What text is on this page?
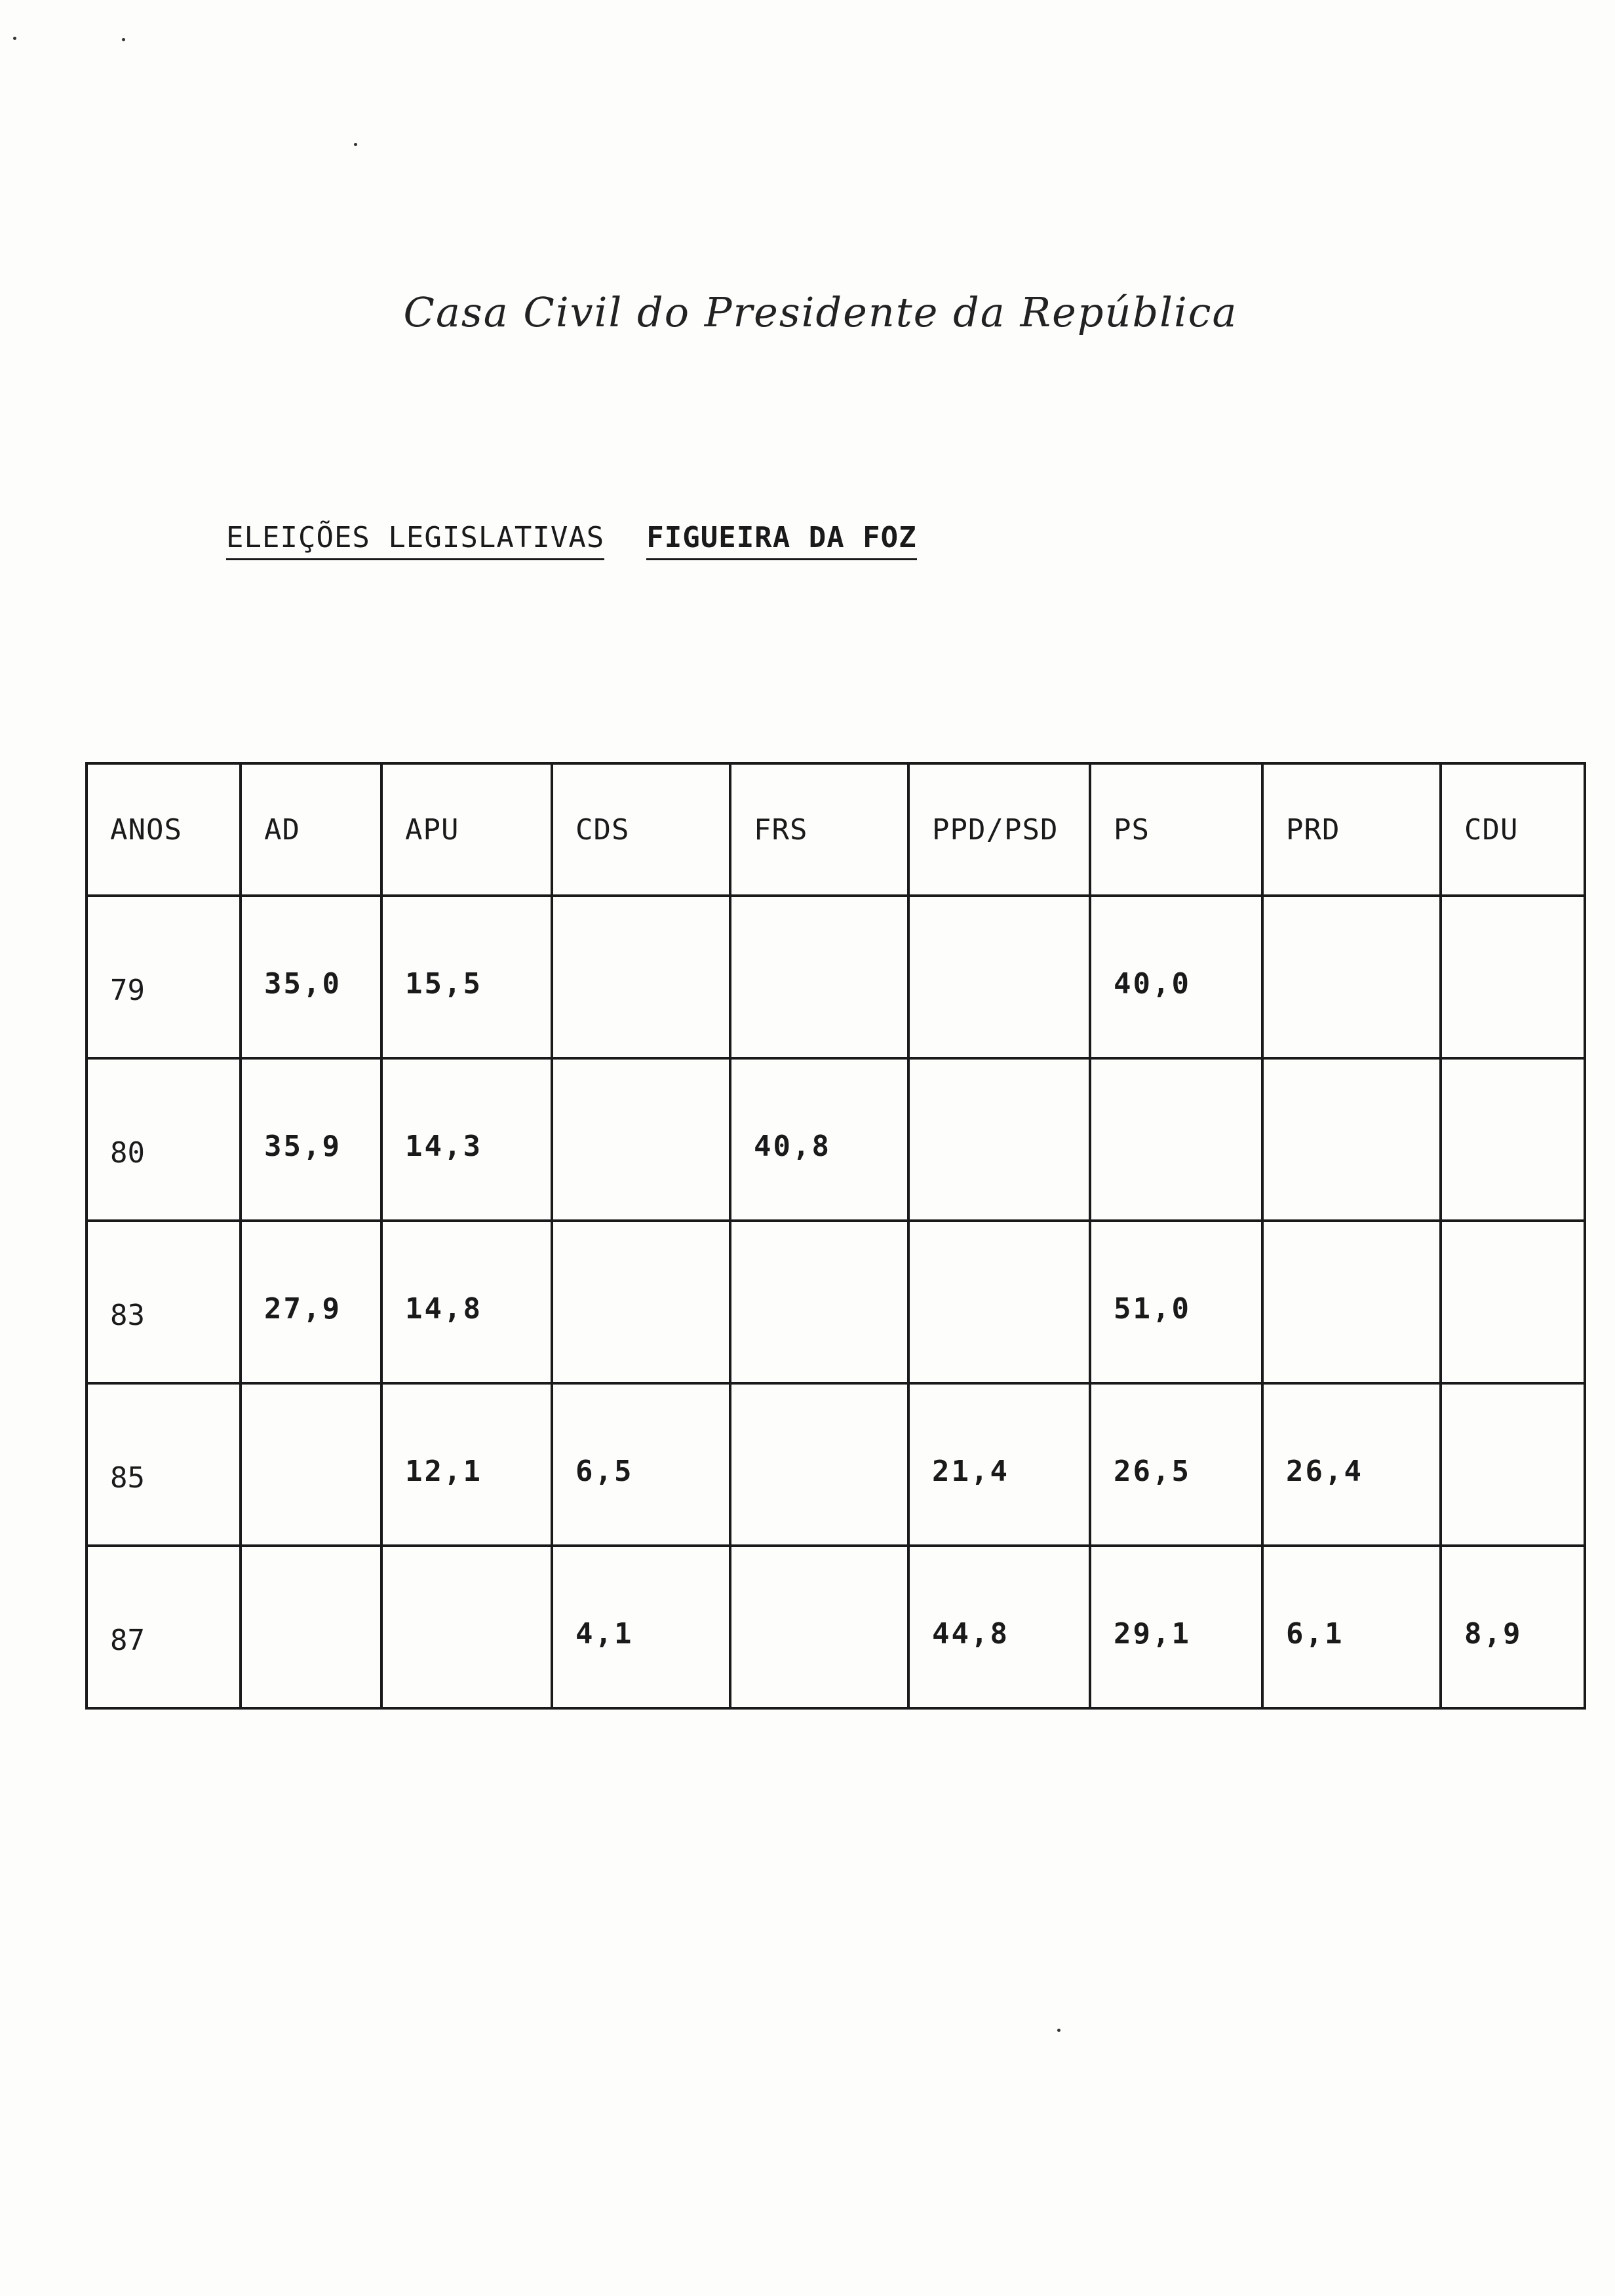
Casa Civil do Presidente da República
ELEIÇÕES LEGISLATIVAS FIGUEIRA DA FOZ
ANOS	AD	APU	CDS	FRS	PPD/PSD	PS	PRD	CDU
79	35,0	15,5				40,0		
80	35,9	14,3		40,8				
83	27,9	14,8				51,0		
85		12,1	6,5		21,4	26,5	26,4	
87			4,1		44,8	29,1	6,1	8,9
